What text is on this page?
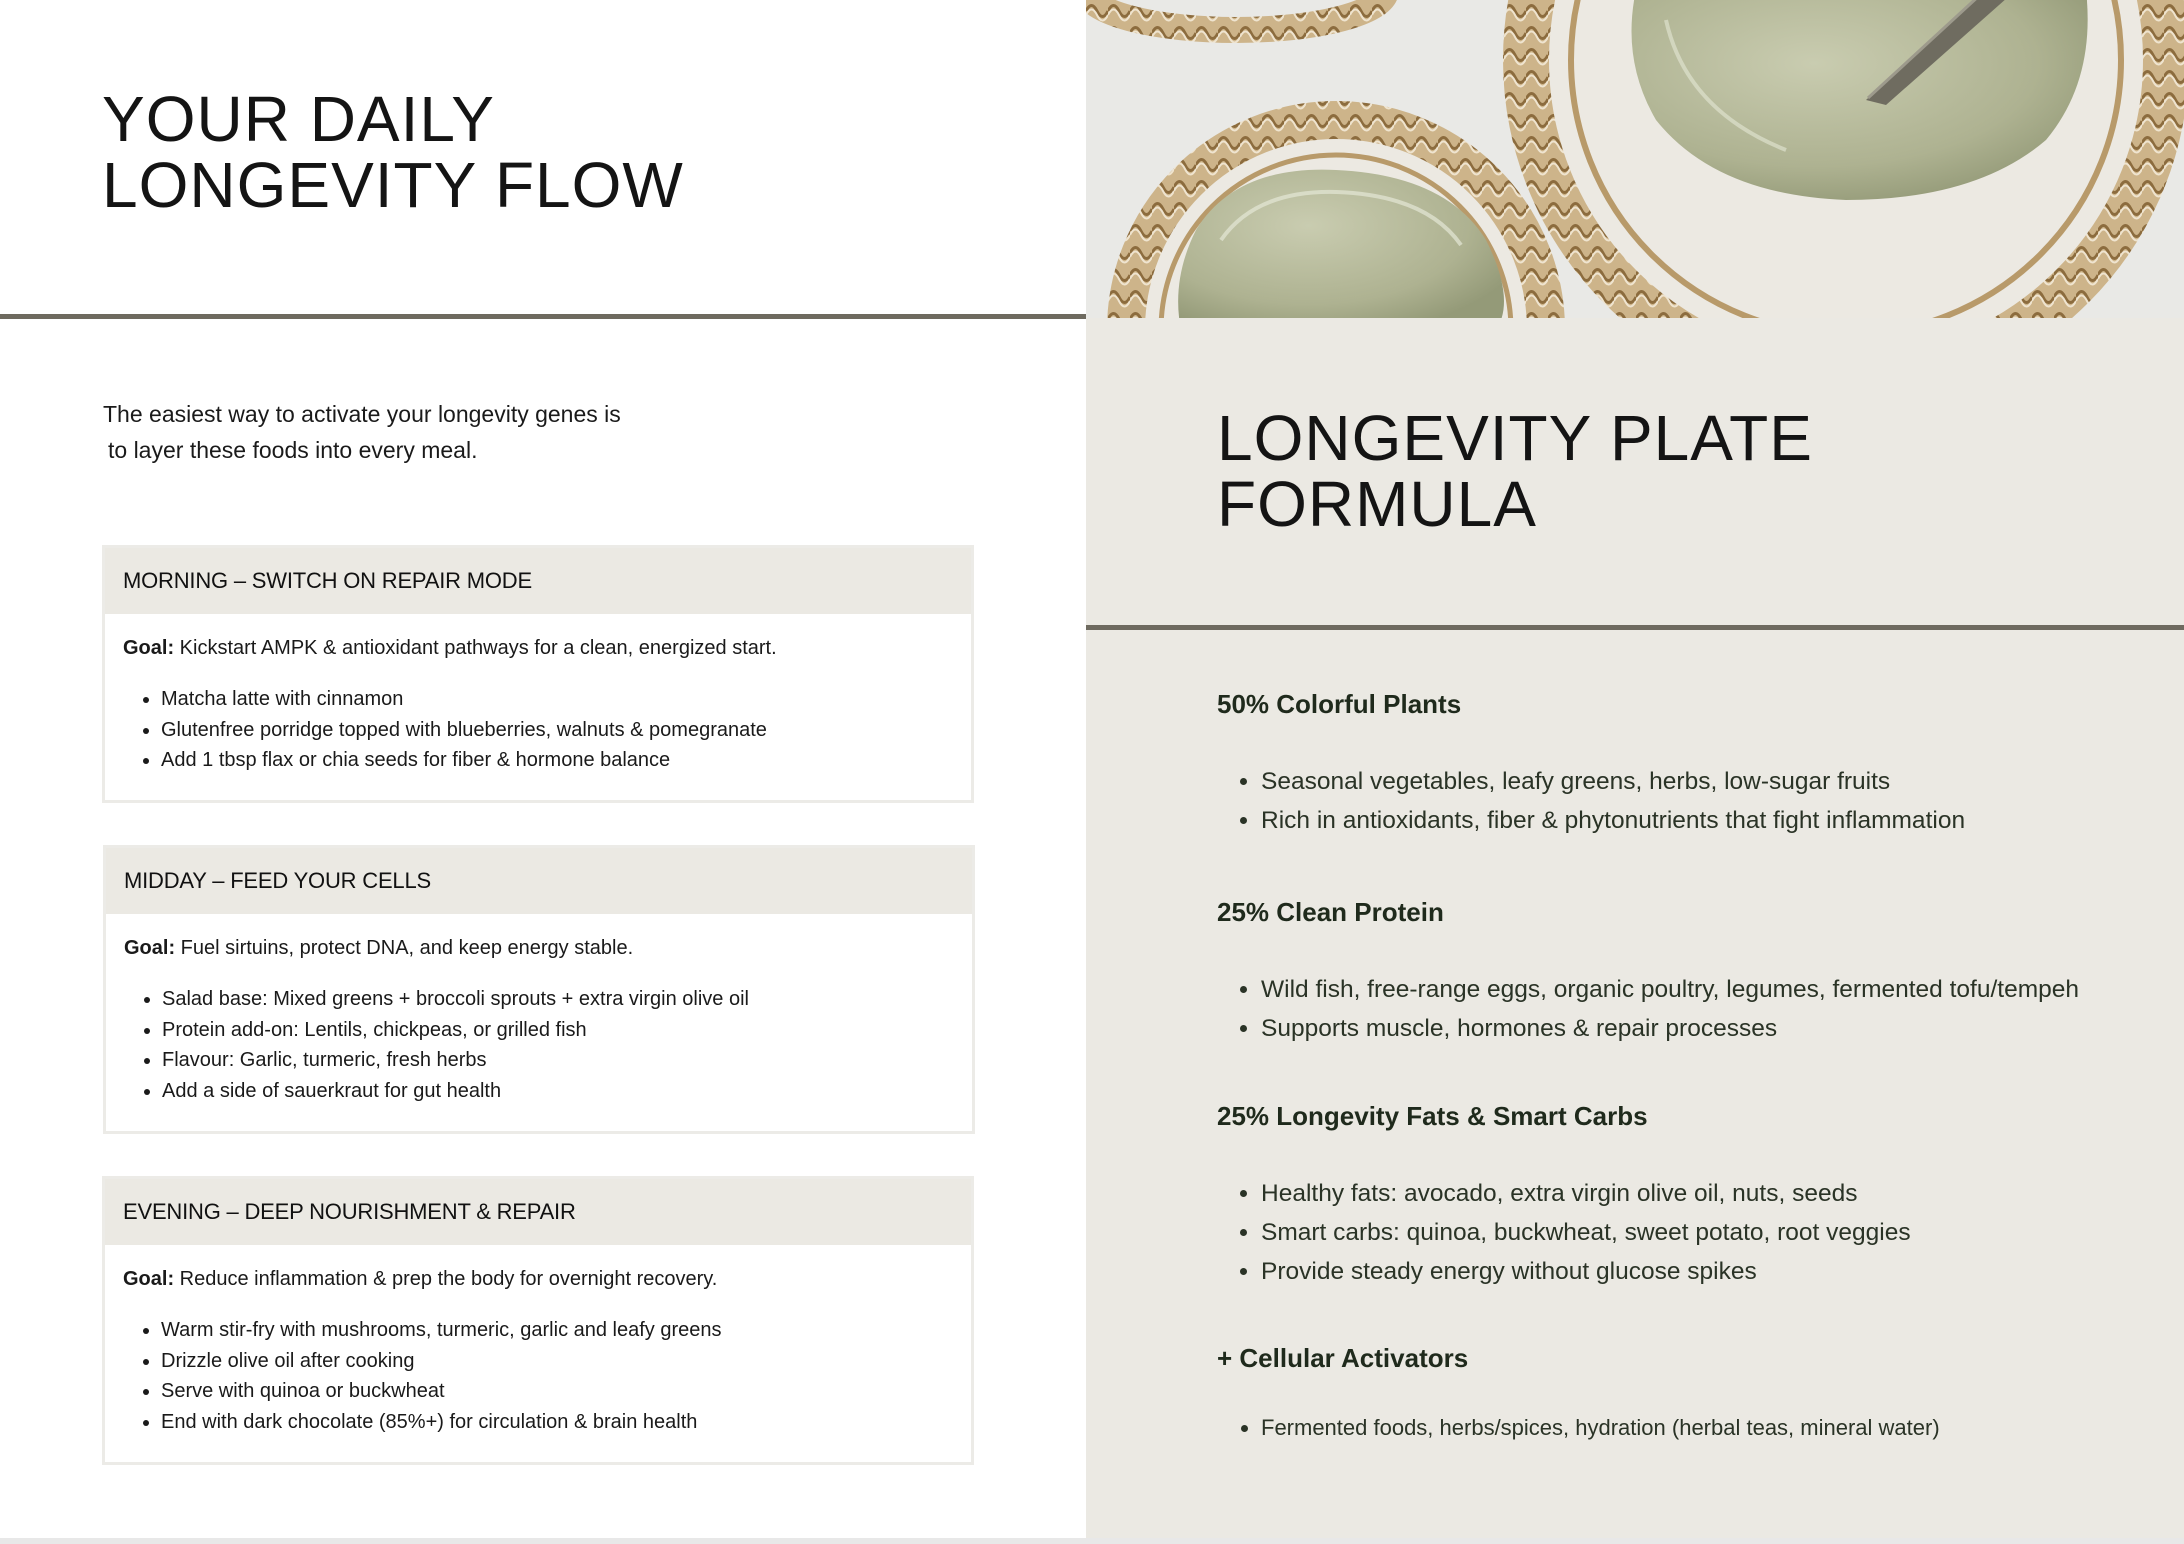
YOUR DAILY
LONGEVITY FLOW

The easiest way to activate your longevity genes is
to layer these foods into every meal.

MORNING – SWITCH ON REPAIR MODE

Goal: Kickstart AMPK & antioxidant pathways for a clean, energized start.

• Matcha latte with cinnamon
• Glutenfree porridge topped with blueberries, walnuts & pomegranate
• Add 1 tbsp flax or chia seeds for fiber & hormone balance
MIDDAY – FEED YOUR CELLS

Goal: Fuel sirtuins, protect DNA, and keep energy stable.

• Salad base: Mixed greens + broccoli sprouts + extra virgin olive oil
• Protein add-on: Lentils, chickpeas, or grilled fish
• Flavour: Garlic, turmeric, fresh herbs
• Add a side of sauerkraut for gut health
EVENING – DEEP NOURISHMENT & REPAIR

Goal: Reduce inflammation & prep the body for overnight recovery.

• Warm stir-fry with mushrooms, turmeric, garlic and leafy greens
• Drizzle olive oil after cooking
• Serve with quinoa or buckwheat
• End with dark chocolate (85%+) for circulation & brain health
LONGEVITY PLATE
FORMULA
50% Colorful Plants
• Seasonal vegetables, leafy greens, herbs, low-sugar fruits
• Rich in antioxidants, fiber & phytonutrients that fight inflammation
25% Clean Protein
• Wild fish, free-range eggs, organic poultry, legumes, fermented tofu/tempeh
• Supports muscle, hormones & repair processes
25% Longevity Fats & Smart Carbs
• Healthy fats: avocado, extra virgin olive oil, nuts, seeds
• Smart carbs: quinoa, buckwheat, sweet potato, root veggies
• Provide steady energy without glucose spikes
+ Cellular Activators
• Fermented foods, herbs/spices, hydration (herbal teas, mineral water)
